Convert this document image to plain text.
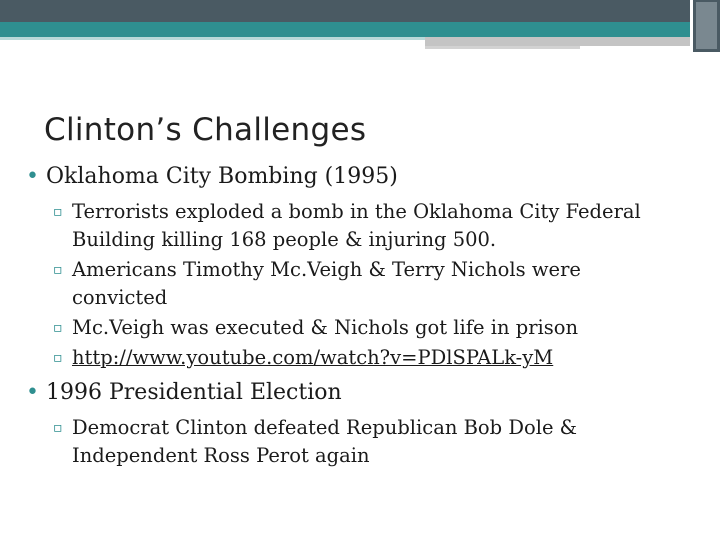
Clinton’s Challenges
• Oklahoma City Bombing (1995)
▫ Terrorists exploded a bomb in the Oklahoma City Federal Building killing 168 people & injuring 500.
▫ Americans Timothy Mc.Veigh & Terry Nichols were convicted
▫ Mc.Veigh was executed & Nichols got life in prison
▫ http://www.youtube.com/watch?v=PDlSPALk-yM
• 1996 Presidential Election
▫ Democrat Clinton defeated Republican Bob Dole & Independent Ross Perot again
